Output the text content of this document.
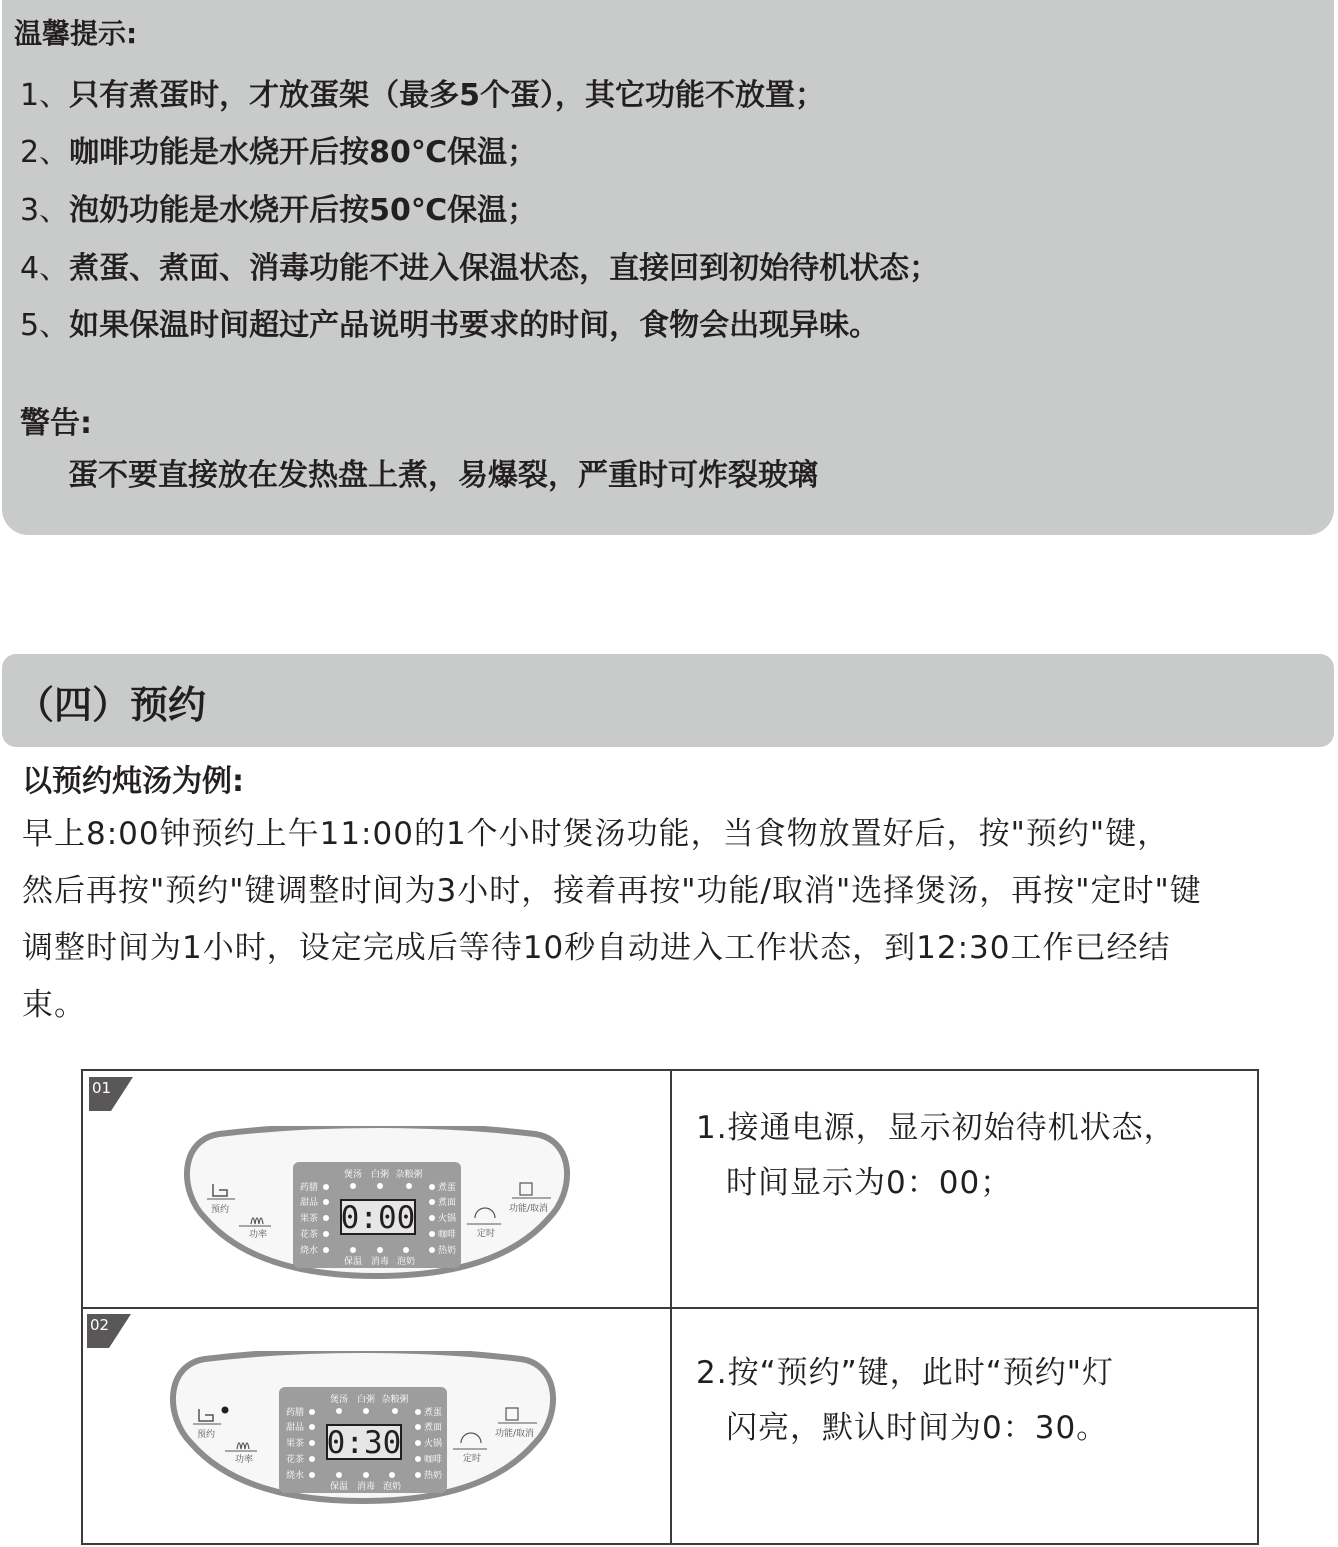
温馨提示:
1、只有煮蛋时，才放蛋架（最多5个蛋），其它功能不放置；
2、咖啡功能是水烧开后按80℃保温；
3、泡奶功能是水烧开后按50℃保温；
4、煮蛋、煮面、消毒功能不进入保温状态，直接回到初始待机状态；
5、如果保温时间超过产品说明书要求的时间，食物会出现异味。
警告:
蛋不要直接放在发热盘上煮，易爆裂，严重时可炸裂玻璃
（四）预约
以预约炖汤为例:
早上8:00钟预约上午11:00的1个小时煲汤功能，当食物放置好后，按"预约"键，
然后再按"预约"键调整时间为3小时，接着再按"功能/取消"选择煲汤，再按"定时"键
调整时间为1小时，设定完成后等待10秒自动进入工作状态，到12:30工作已经结
束。
01
0:00
煲汤 白粥 杂粮粥
药膳
甜品
果茶
花茶
烧水
煮蛋
煮面
火锅
咖啡
热奶
保温 消毒 泡奶
预约
功率	定时
功能/取消
1.接通电源，显示初始待机状态，
时间显示为0：00；
02
0:30
煲汤 白粥 杂粮粥
药膳
甜品
果茶
花茶
烧水
煮蛋
煮面
火锅
咖啡
热奶
保温 消毒 泡奶
预约
功率	定时
功能/取消
2.按“预约”键，此时“预约"灯
闪亮，默认时间为0：30。
